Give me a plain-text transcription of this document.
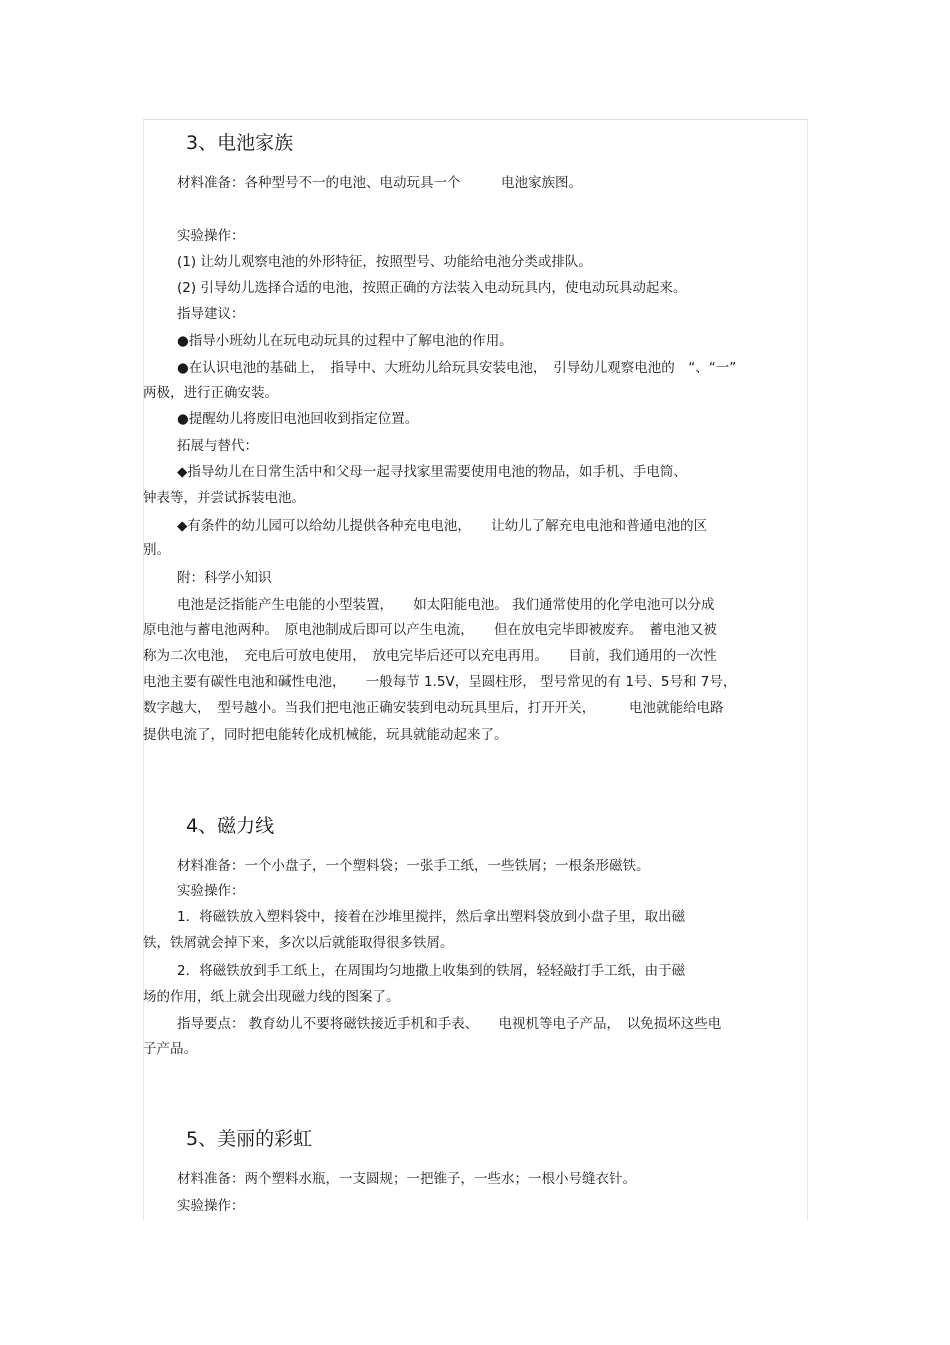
3、电池家族
材料准备：各种型号不一的电池、电动玩具一个　　　电池家族图。
实验操作：
(1) 让幼儿观察电池的外形特征，按照型号、功能给电池分类或排队。
(2) 引导幼儿选择合适的电池，按照正确的方法装入电动玩具内，使电动玩具动起来。
指导建议：
●指导小班幼儿在玩电动玩具的过程中了解电池的作用。
●在认识电池的基础上，　指导中、大班幼儿给玩具安装电池，　引导幼儿观察电池的　“、“一”
两极，进行正确安装。
●提醒幼儿将废旧电池回收到指定位置。
拓展与替代：
◆指导幼儿在日常生活中和父母一起寻找家里需要使用电池的物品，如手机、手电筒、
钟表等，并尝试拆装电池。
◆有条件的幼儿园可以给幼儿提供各种充电电池，　　让幼儿了解充电电池和普通电池的区
别。
附：科学小知识
电池是泛指能产生电能的小型装置，　　如太阳能电池。 我们通常使用的化学电池可以分成
原电池与蓄电池两种。　原电池制成后即可以产生电流，　　但在放电完毕即被废弃。　蓄电池又被
称为二次电池，　充电后可放电使用，　放电完毕后还可以充电再用。　　目前，我们通用的一次性
电池主要有碳性电池和碱性电池，　　一般每节 1.5V，呈圆柱形， 型号常见的有 1号、5号和 7号，
数字越大，　型号越小。当我们把电池正确安装到电动玩具里后，打开开关，　　　电池就能给电路
提供电流了，同时把电能转化成机械能，玩具就能动起来了。
4、磁力线
材料准备：一个小盘子，一个塑料袋；一张手工纸，一些铁屑；一根条形磁铁。
实验操作：
1．将磁铁放入塑料袋中，接着在沙堆里搅拌，然后拿出塑料袋放到小盘子里，取出磁
铁，铁屑就会掉下来，多次以后就能取得很多铁屑。
2．将磁铁放到手工纸上，在周围均匀地撒上收集到的铁屑，轻轻敲打手工纸，由于磁
场的作用，纸上就会出现磁力线的图案了。
指导要点： 教育幼儿不要将磁铁接近手机和手表、　　电视机等电子产品，　以免损坏这些电
子产品。
5、美丽的彩虹
材料准备：两个塑料水瓶，一支圆规；一把锥子，一些水；一根小号缝衣针。
实验操作：
